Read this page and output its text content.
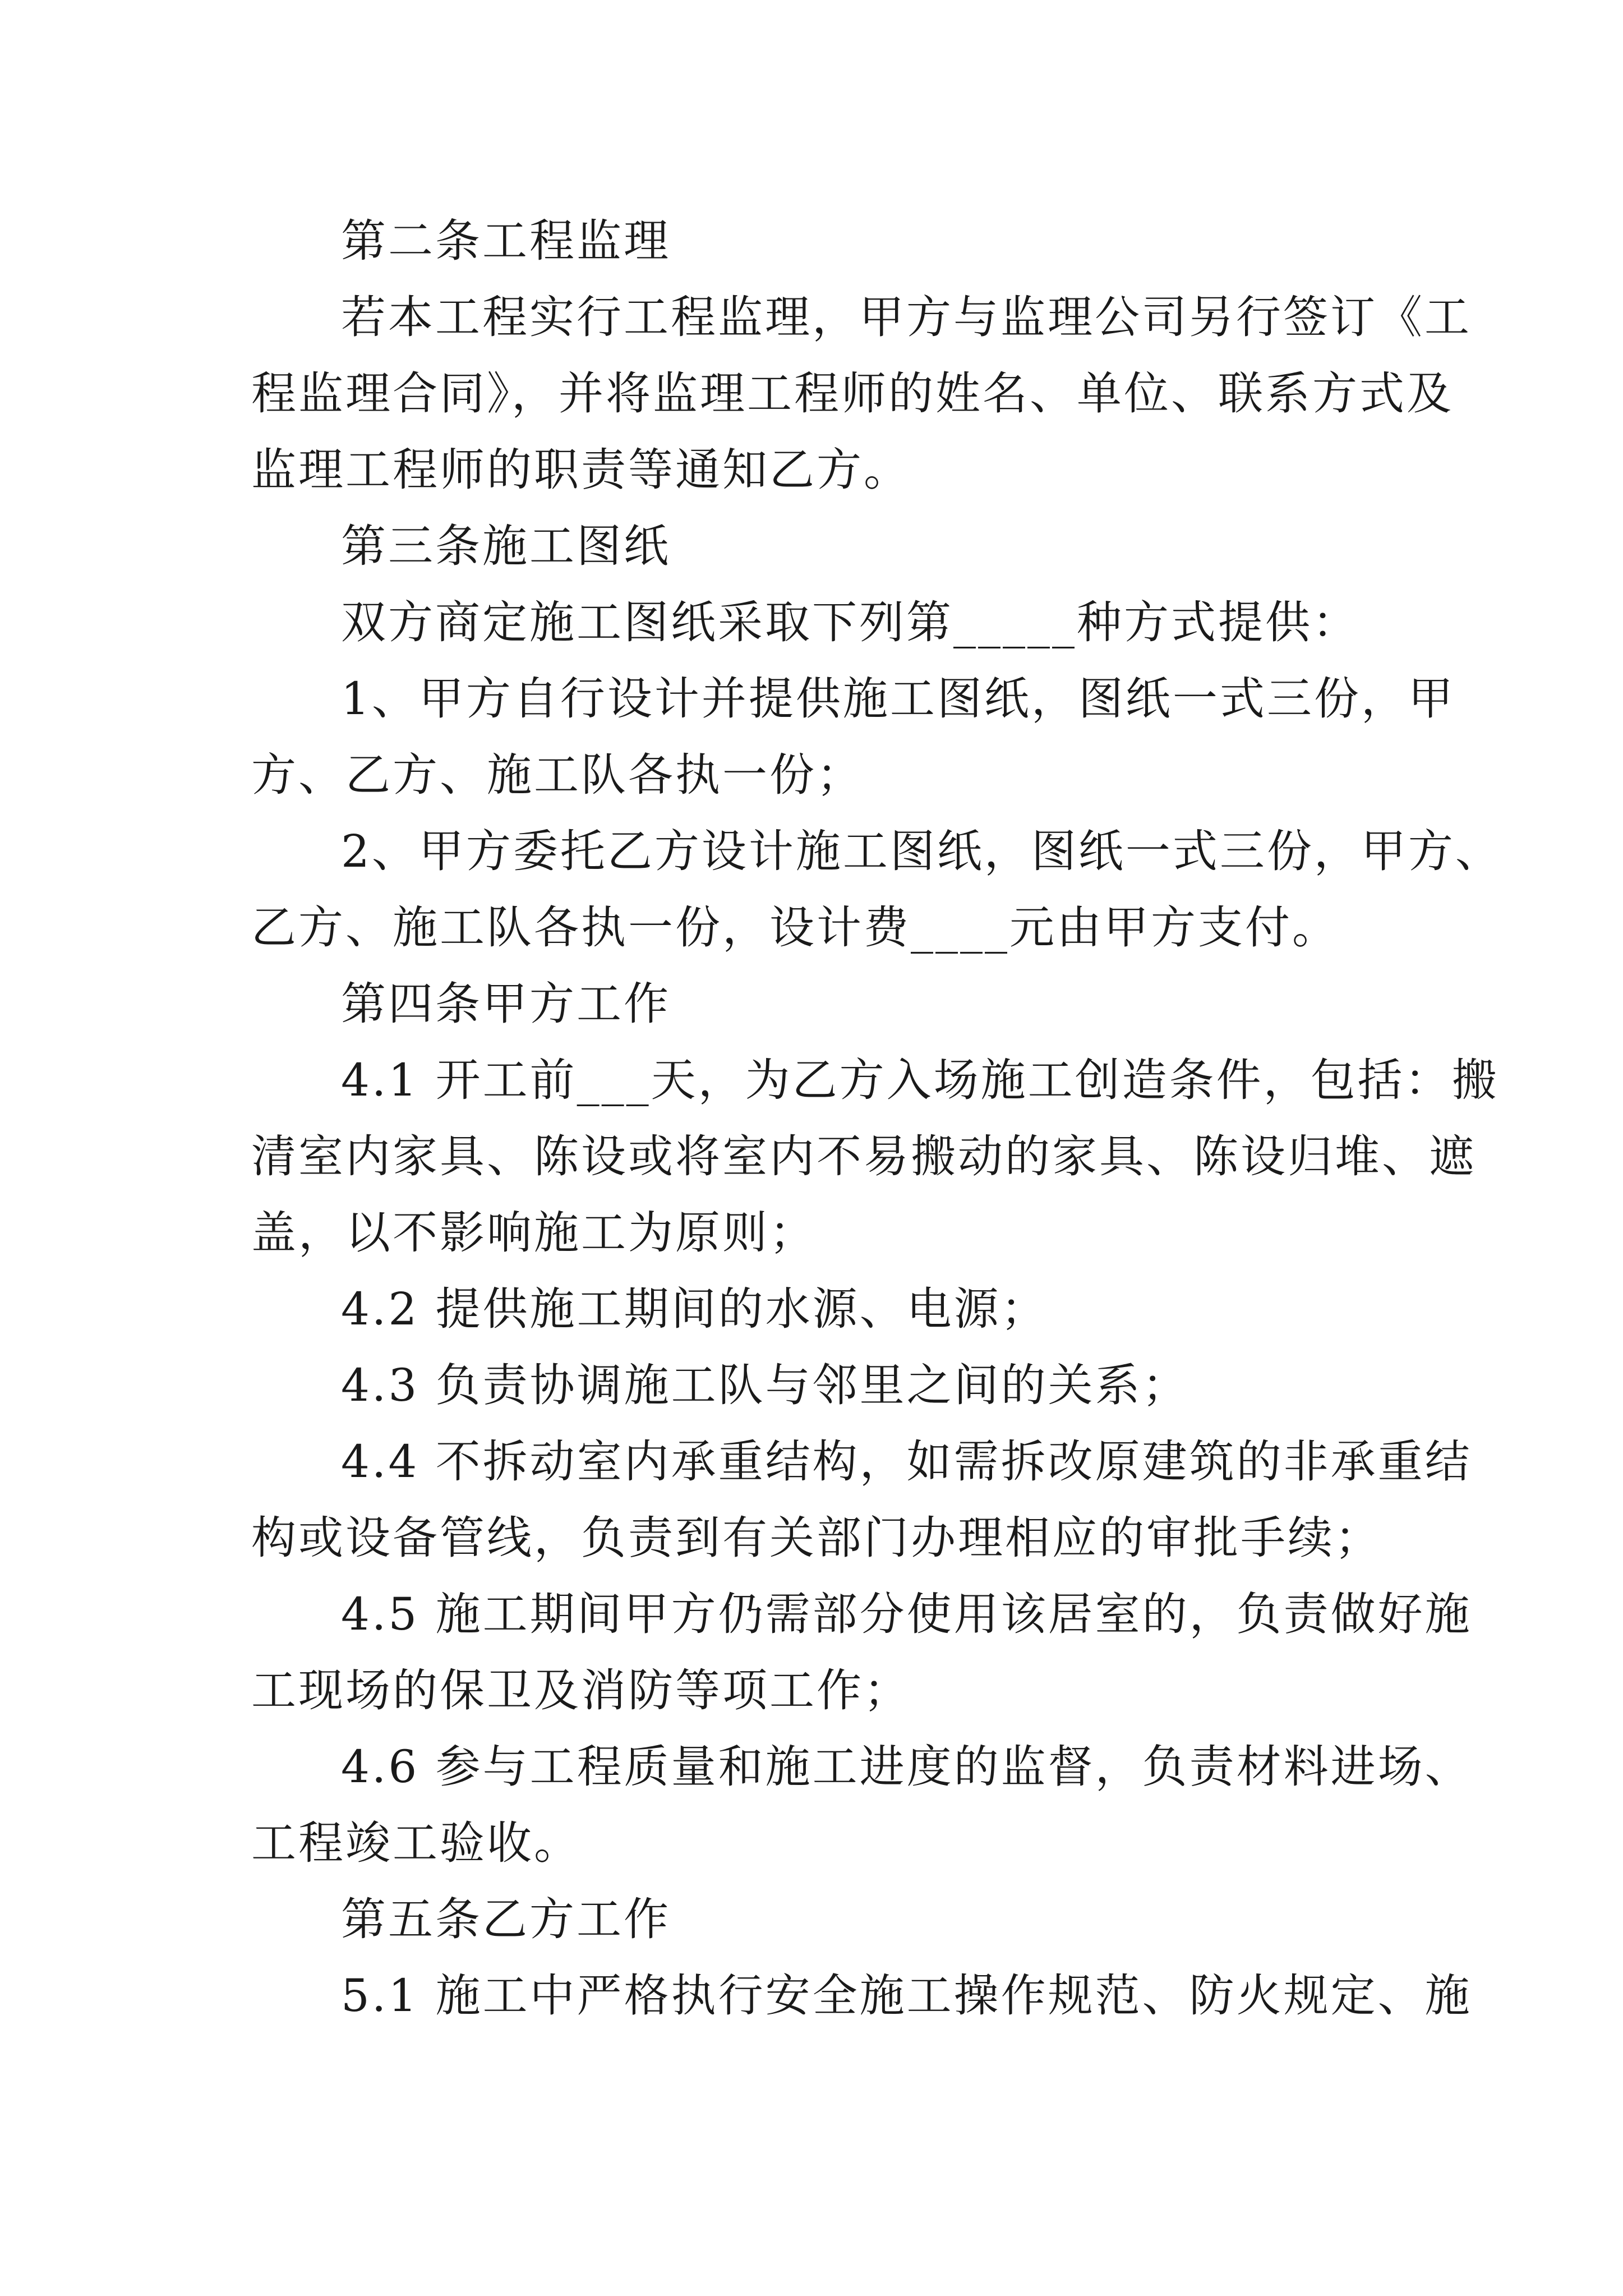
第二条工程监理
若本工程实行工程监理，甲方与监理公司另行签订《工
程监理合同》，并将监理工程师的姓名、单位、联系方式及
监理工程师的职责等通知乙方。
第三条施工图纸
双方商定施工图纸采取下列第_____种方式提供：
1、甲方自行设计并提供施工图纸，图纸一式三份，甲
方、乙方、施工队各执一份；
2、甲方委托乙方设计施工图纸，图纸一式三份，甲方、
乙方、施工队各执一份，设计费____元由甲方支付。
第四条甲方工作
4.1 开工前___天，为乙方入场施工创造条件，包括：搬
清室内家具、陈设或将室内不易搬动的家具、陈设归堆、遮
盖，以不影响施工为原则；
4.2 提供施工期间的水源、电源；
4.3 负责协调施工队与邻里之间的关系；
4.4 不拆动室内承重结构，如需拆改原建筑的非承重结
构或设备管线，负责到有关部门办理相应的审批手续；
4.5 施工期间甲方仍需部分使用该居室的，负责做好施
工现场的保卫及消防等项工作；
4.6 参与工程质量和施工进度的监督，负责材料进场、
工程竣工验收。
第五条乙方工作
5.1 施工中严格执行安全施工操作规范、防火规定、施
